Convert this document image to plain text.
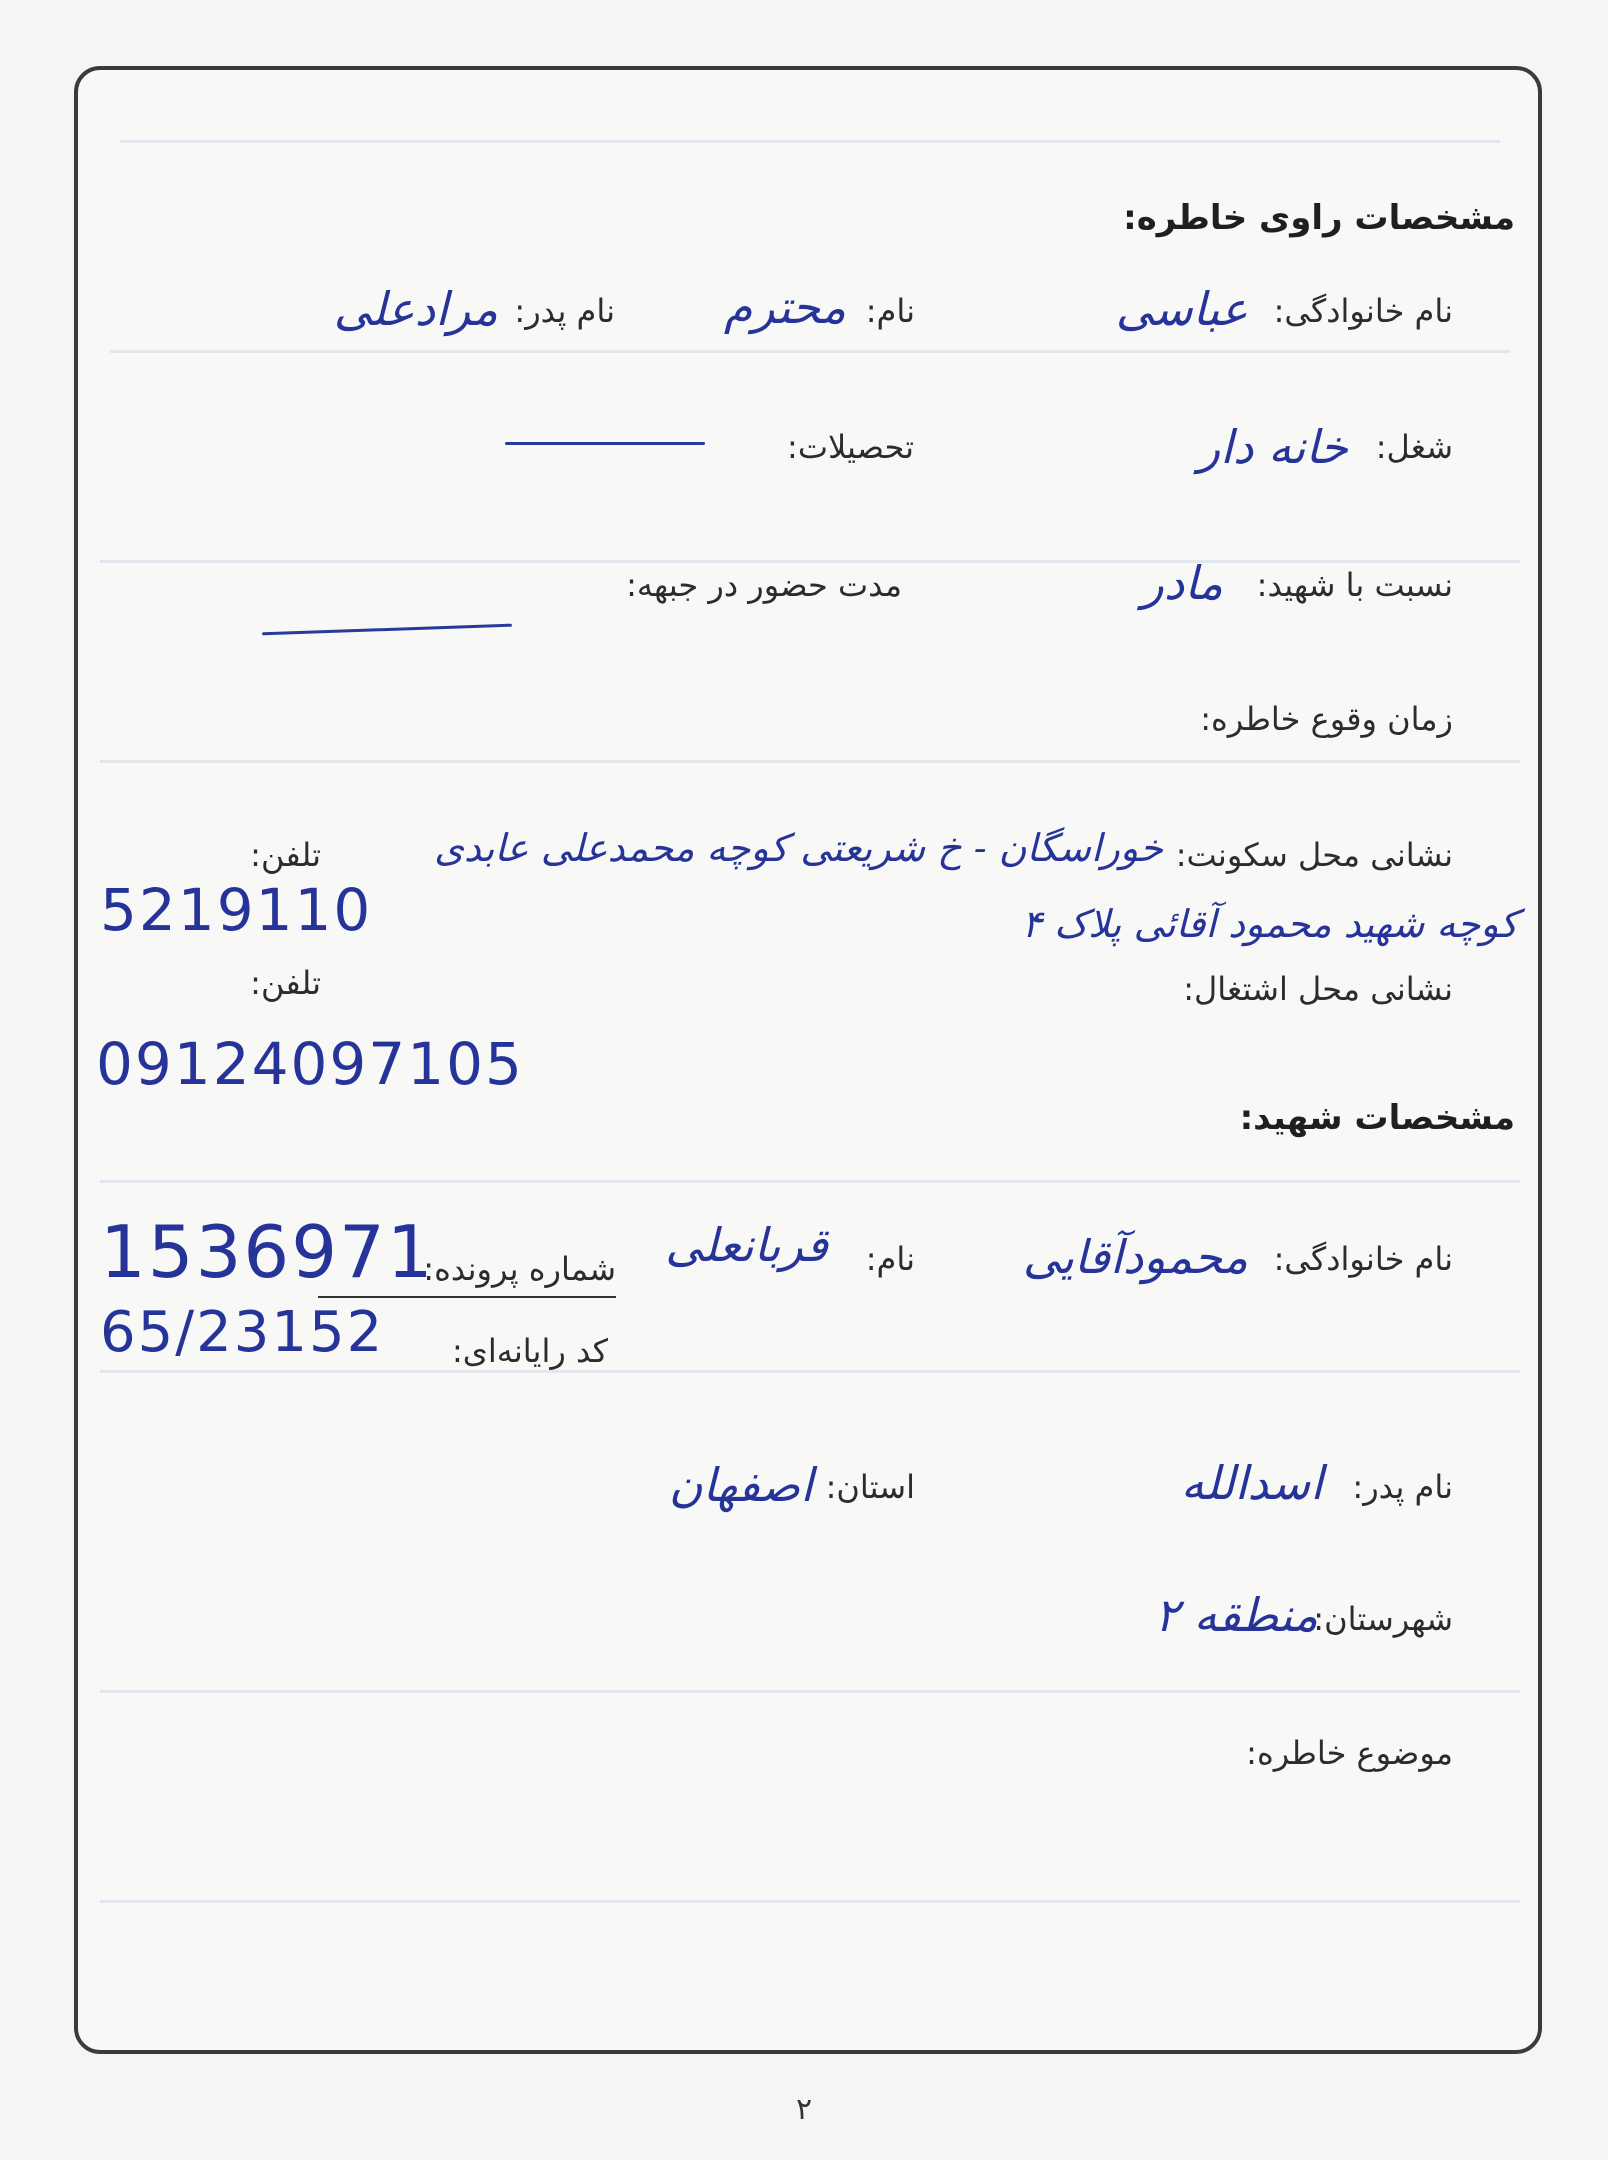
مشخصات راوی خاطره:
نام خانوادگی:
عباسی
نام:
محترم
نام پدر:
مرادعلی
شغل:
خانه دار
تحصیلات:
نسبت با شهید:
مادر
مدت حضور در جبهه:
زمان وقوع خاطره:
نشانی محل سکونت:
خوراسگان - خ شریعتی کوچه محمدعلی عابدی
کوچه شهید محمود آقائی پلاک ۴
تلفن:
5219110
نشانی محل اشتغال:
تلفن:
09124097105
مشخصات شهید:
نام خانوادگی:
محمودآقایی
نام:
قربانعلی
شماره پرونده:
1536971
کد رایانه‌ای:
65/23152
نام پدر:
اسدالله
استان:
اصفهان
شهرستان:
منطقه ۲
موضوع خاطره:
۲
